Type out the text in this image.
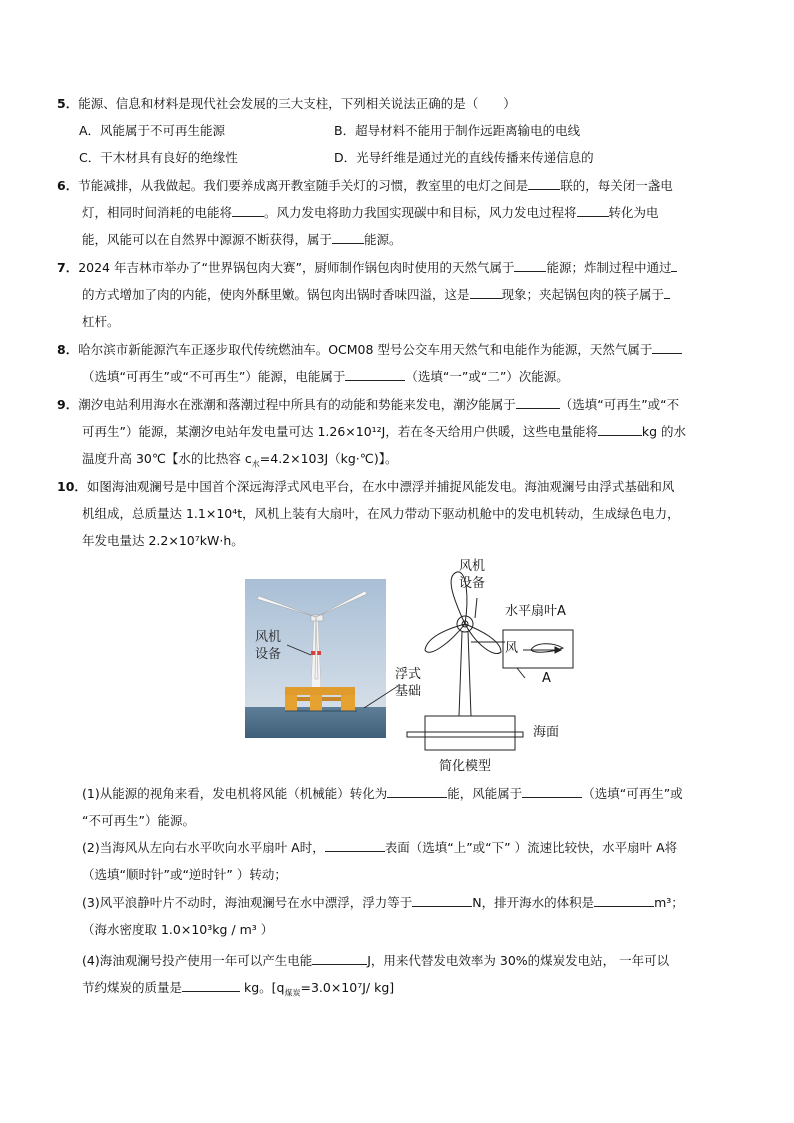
5．能源、信息和材料是现代社会发展的三大支柱，下列相关说法正确的是（　　）
A．风能属于不可再生能源	B．超导材料不能用于制作远距离输电的电线
C．干木材具有良好的绝缘性	D．光导纤维是通过光的直线传播来传递信息的
6．节能减排，从我做起。我们要养成离开教室随手关灯的习惯，教室里的电灯之间是	联的，每关闭一盏电
灯，相同时间消耗的电能将	。风力发电将助力我国实现碳中和目标，风力发电过程将	转化为电
能，风能可以在自然界中源源不断获得，属于	能源。
7．2024 年吉林市举办了“世界锅包肉大赛”，厨师制作锅包肉时使用的天然气属于	能源；炸制过程中通过
的方式增加了肉的内能，使肉外酥里嫩。锅包肉出锅时香味四溢，这是	现象；夹起锅包肉的筷子属于
杠杆。
8．哈尔滨市新能源汽车正逐步取代传统燃油车。OCM08 型号公交车用天然气和电能作为能源，天然气属于
（选填“可再生”或“不可再生”）能源，电能属于	（选填“一”或“二”）次能源。
9．潮汐电站利用海水在涨潮和落潮过程中所具有的动能和势能来发电，潮汐能属于	（选填“可再生”或“不
可再生”）能源，某潮汐电站年发电量可达 1.26×10¹²J，若在冬天给用户供暖，这些电量能将	kg 的水
温度升高 30℃【水的比热容 $c_水=4.2\times 103J(kg\cdot℃)$】。
10．如图海油观澜号是中国首个深远海浮式风电平台，在水中漂浮并捕捉风能发电。海油观澜号由浮式基础和风
机组成，总质量达 1.1×10⁴t，风机上装有大扇叶，在风力带动下驱动机舱中的发电机转动，生成绿色电力，
年发电量达 2.2×10⁷kW·h。
风机
设备
风机
设备
水平扇叶A
风
A
浮式
基础
海面
简化模型
(1)从能源的视角来看，发电机将风能（机械能）转化为	能，风能属于	（选填“可再生”或
“不可再生”）能源。
(2)当海风从左向右水平吹向水平扇叶 A时，	表面（选填“上”或“下” ）流速比较快，水平扇叶 A将
（选填“顺时针”或“逆时针” ）转动；
(3)风平浪静叶片不动时，海油观澜号在水中漂浮，浮力等于	N，排开海水的体积是	m³；
（海水密度取 1.0×10³kg / m³ ）
(4)海油观澜号投产使用一年可以产生电能	J，用来代替发电效率为 30%的煤炭发电站， 一年可以
节约煤炭的质量是	kg。[$q_{煤炭}=3.0\times 10^7J/$ kg]
